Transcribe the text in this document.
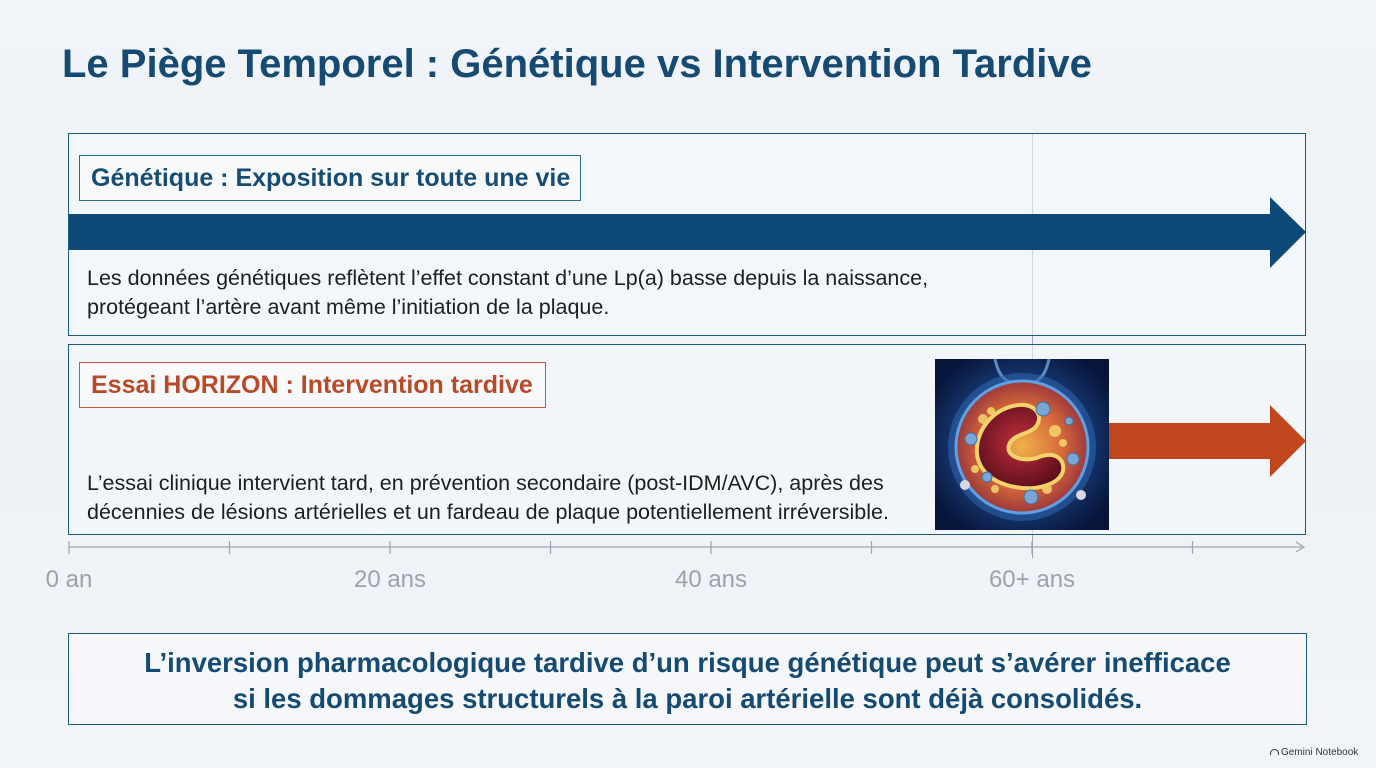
Le Piège Temporel : Génétique vs Intervention Tardive
Génétique : Exposition sur toute une vie

Les données génétiques reflètent l’effet constant d’une Lp(a) basse depuis la naissance,
protégeant l’artère avant même l’initiation de la plaque.

Essai HORIZON : Intervention tardive

L’essai clinique intervient tard, en prévention secondaire (post-IDM/AVC), après des
décennies de lésions artérielles et un fardeau de plaque potentiellement irréversible.

0 an	20 ans	40 ans	60+ ans

L’inversion pharmacologique tardive d’un risque génétique peut s’avérer inefficace

si les dommages structurels à la paroi artérielle sont déjà consolidés.

Gemini Notebook
